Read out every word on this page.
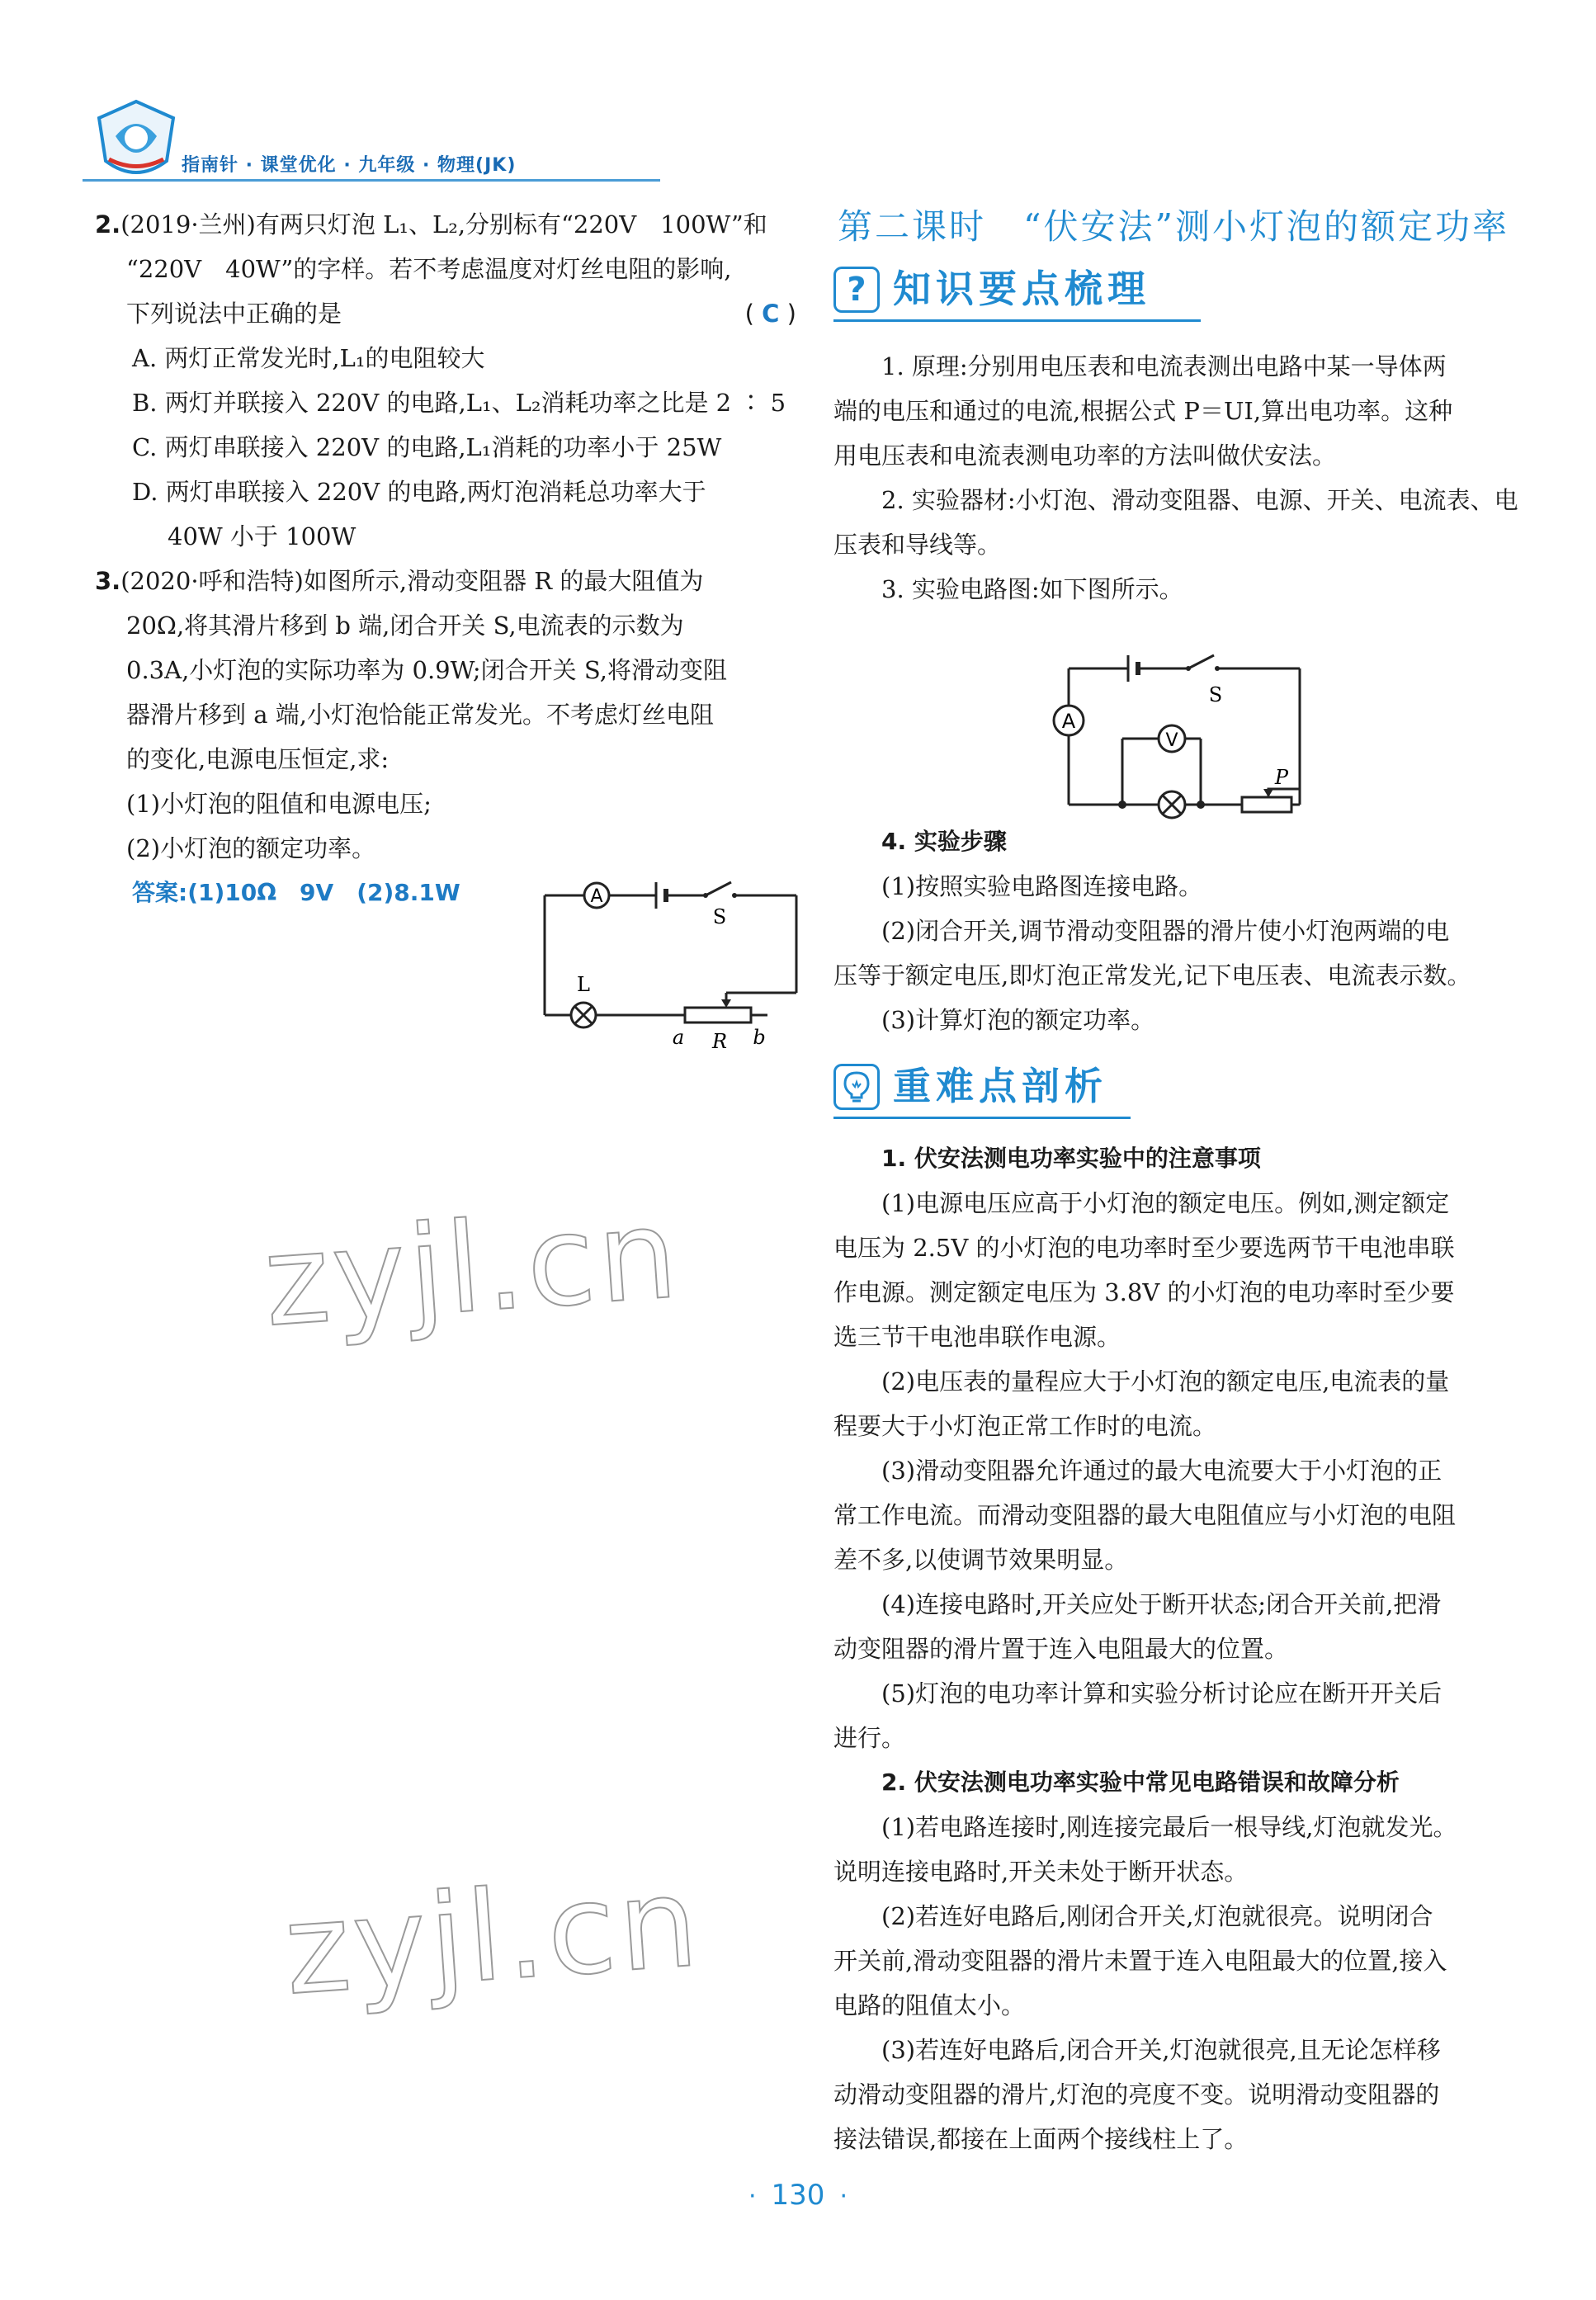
指南针 · 课堂优化 · 九年级 · 物理(JK)

2.(2019·兰州)有两只灯泡 L₁、L₂,分别标有“220V　100W”和

“220V　40W”的字样。若不考虑温度对灯丝电阻的影响,

下列说法中正确的是	( C )

A. 两灯正常发光时,L₁的电阻较大

B. 两灯并联接入 220V 的电路,L₁、L₂消耗功率之比是 2 ∶ 5

C. 两灯串联接入 220V 的电路,L₁消耗的功率小于 25W

D. 两灯串联接入 220V 的电路,两灯泡消耗总功率大于

40W 小于 100W

3.(2020·呼和浩特)如图所示,滑动变阻器 R 的最大阻值为

20Ω,将其滑片移到 b 端,闭合开关 S,电流表的示数为

0.3A,小灯泡的实际功率为 0.9W;闭合开关 S,将滑动变阻

器滑片移到 a 端,小灯泡恰能正常发光。不考虑灯丝电阻

的变化,电源电压恒定,求:

(1)小灯泡的阻值和电源电压;

(2)小灯泡的额定功率。

答案:(1)10Ω　9V　(2)8.1W	A
S
L
a R b
第二课时　“伏安法”测小灯泡的额定功率
? 知识要点梳理

1. 原理:分别用电压表和电流表测出电路中某一导体两

端的电压和通过的电流,根据公式 P＝UI,算出电功率。这种

用电压表和电流表测电功率的方法叫做伏安法。

2. 实验器材:小灯泡、滑动变阻器、电源、开关、电流表、电

压表和导线等。

3. 实验电路图:如下图所示。

4. 实验步骤

(1)按照实验电路图连接电路。

(2)闭合开关,调节滑动变阻器的滑片使小灯泡两端的电

压等于额定电压,即灯泡正常发光,记下电压表、电流表示数。

(3)计算灯泡的额定功率。

重难点剖析

1. 伏安法测电功率实验中的注意事项

(1)电源电压应高于小灯泡的额定电压。例如,测定额定

电压为 2.5V 的小灯泡的电功率时至少要选两节干电池串联

作电源。测定额定电压为 3.8V 的小灯泡的电功率时至少要

选三节干电池串联作电源。

(2)电压表的量程应大于小灯泡的额定电压,电流表的量

程要大于小灯泡正常工作时的电流。

(3)滑动变阻器允许通过的最大电流要大于小灯泡的正

常工作电流。而滑动变阻器的最大电阻值应与小灯泡的电阻

差不多,以使调节效果明显。

(4)连接电路时,开关应处于断开状态;闭合开关前,把滑

动变阻器的滑片置于连入电阻最大的位置。

(5)灯泡的电功率计算和实验分析讨论应在断开开关后

进行。

2. 伏安法测电功率实验中常见电路错误和故障分析

(1)若电路连接时,刚连接完最后一根导线,灯泡就发光。

说明连接电路时,开关未处于断开状态。

(2)若连好电路后,刚闭合开关,灯泡就很亮。说明闭合

开关前,滑动变阻器的滑片未置于连入电阻最大的位置,接入

电路的阻值太小。

(3)若连好电路后,闭合开关,灯泡就很亮,且无论怎样移

动滑动变阻器的滑片,灯泡的亮度不变。说明滑动变阻器的

接法错误,都接在上面两个接线柱上了。

S
A
V
P
zyjl.cn
zyjl.cn
· 130 ·
